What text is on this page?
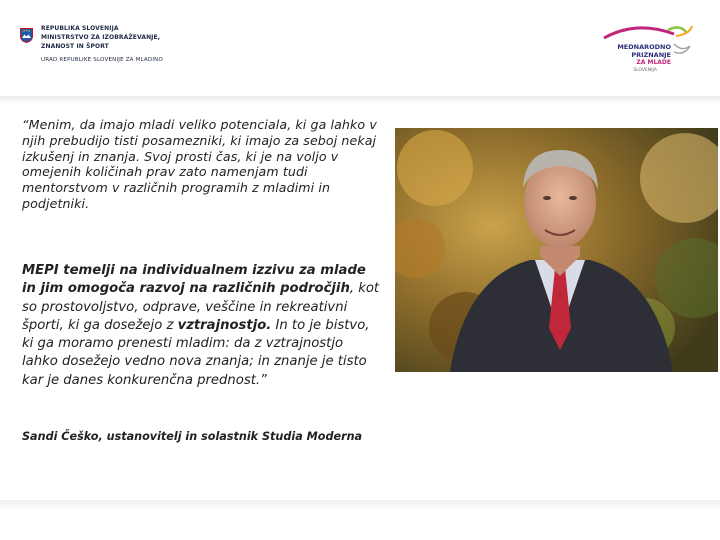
REPUBLIKA SLOVENIJA
MINISTRSTVO ZA IZOBRAŽEVANJE,
ZNANOST IN ŠPORT
URAD REPUBLIKE SLOVENIJE ZA MLADINO
MEDNARODNO PRIZNANJE
ZA MLADE
SLOVENIJA

“Menim, da imajo mladi veliko potenciala, ki ga lahko v njih prebudijo tisti posamezniki, ki imajo za seboj nekaj izkušenj in znanja. Svoj prosti čas, ki je na voljo v omejenih količinah prav zato namenjam tudi mentorstvom v različnih programih z mladimi in podjetniki.

MEPI temelji na individualnem izzivu za mlade in jim omogoča razvoj na različnih področjih, kot so prostovoljstvo, odprave, veščine in rekreativni športi, ki ga dosežejo z vztrajnostjo. In to je bistvo, ki ga moramo prenesti mladim: da z vztrajnostjo lahko dosežejo vedno nova znanja; in znanje je tisto kar je danes konkurenčna prednost.”

Sandi Češko, ustanovitelj in solastnik Studia Moderna
